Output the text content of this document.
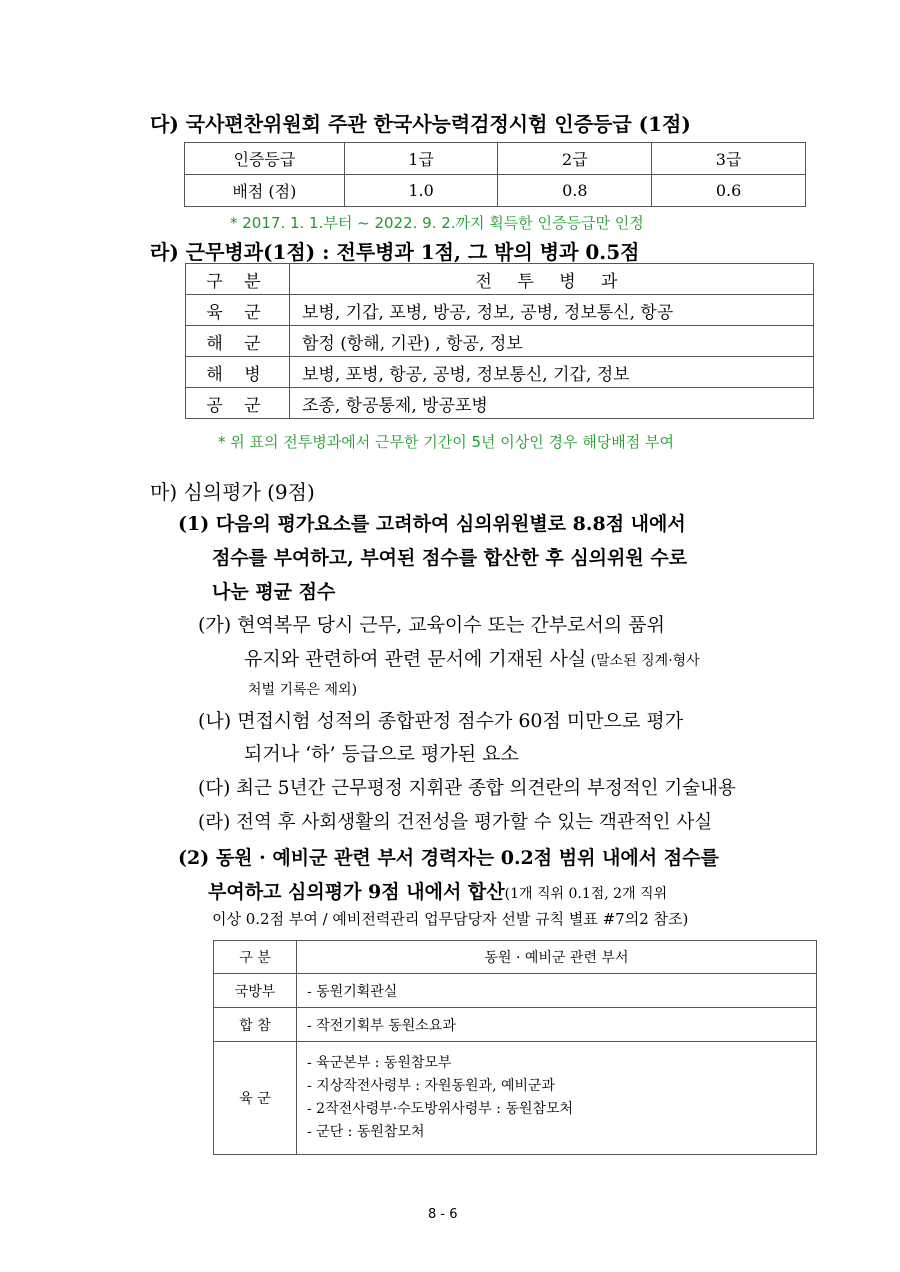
다) 국사편찬위원회 주관 한국사능력검정시험 인증등급 (1점)
인증등급	1급	2급	3급
배점 (점)	1.0	0.8	0.6
* 2017. 1. 1.부터 ~ 2022. 9. 2.까지 획득한 인증등급만 인정
라) 근무병과(1점) : 전투병과 1점, 그 밖의 병과 0.5점
구 분	전 투 병 과
육 군	보병, 기갑, 포병, 방공, 정보, 공병, 정보통신, 항공
해 군	함정 (항해, 기관) , 항공, 정보
해 병	보병, 포병, 항공, 공병, 정보통신, 기갑, 정보
공 군	조종, 항공통제, 방공포병
* 위 표의 전투병과에서 근무한 기간이 5년 이상인 경우 해당배점 부여
마) 심의평가 (9점)
(1) 다음의 평가요소를 고려하여 심의위원별로 8.8점 내에서
점수를 부여하고, 부여된 점수를 합산한 후 심의위원 수로
나눈 평균 점수
(가) 현역복무 당시 근무, 교육이수 또는 간부로서의 품위
유지와 관련하여 관련 문서에 기재된 사실 (말소된 징계·형사
처벌 기록은 제외)
(나) 면접시험 성적의 종합판정 점수가 60점 미만으로 평가
되거나 ‘하’ 등급으로 평가된 요소
(다) 최근 5년간 근무평정 지휘관 종합 의견란의 부정적인 기술내용
(라) 전역 후 사회생활의 건전성을 평가할 수 있는 객관적인 사실
(2) 동원 · 예비군 관련 부서 경력자는 0.2점 범위 내에서 점수를
부여하고 심의평가 9점 내에서 합산(1개 직위 0.1점, 2개 직위
이상 0.2점 부여 / 예비전력관리 업무담당자 선발 규칙 별표 #7의2 참조)
구 분	동원 · 예비군 관련 부서
국방부	- 동원기획관실
합 참	- 작전기획부 동원소요과
육 군	- 육군본부 : 동원참모부
- 지상작전사령부 : 자원동원과, 예비군과
- 2작전사령부·수도방위사령부 : 동원참모처
- 군단 : 동원참모처
8 - 6
